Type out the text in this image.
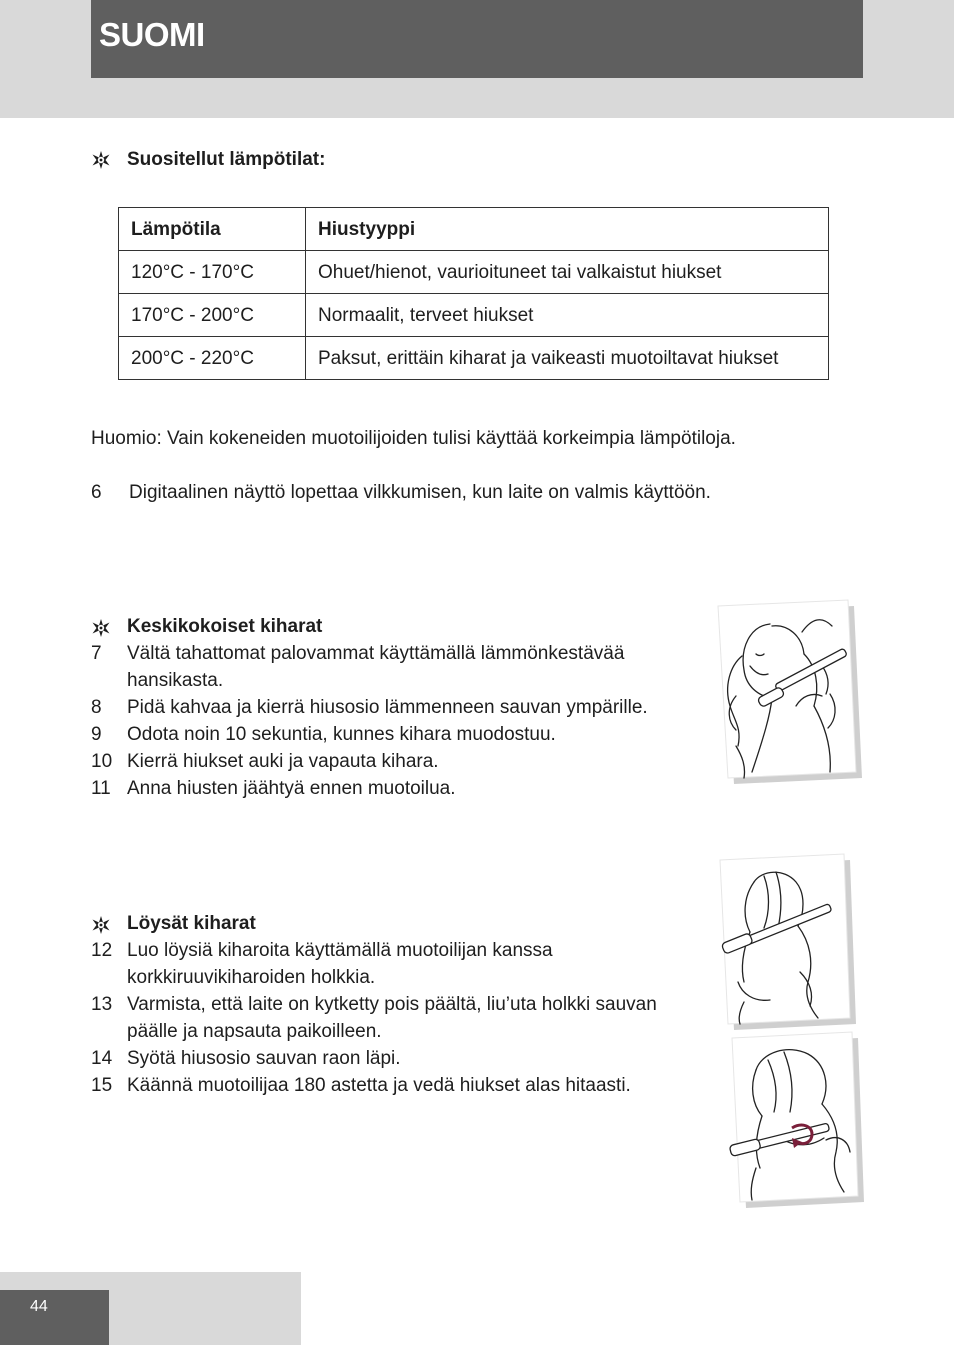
SUOMI
Suositellut lämpötilat:
Lämpötila	Hiustyyppi
120°C - 170°C	Ohuet/hienot, vaurioituneet tai valkaistut hiukset
170°C - 200°C	Normaalit, terveet hiukset
200°C - 220°C	Paksut, erittäin kiharat ja vaikeasti muotoiltavat hiukset
Huomio: Vain kokeneiden muotoilijoiden tulisi käyttää korkeimpia lämpötiloja.
6 Digitaalinen näyttö lopettaa vilkkumisen, kun laite on valmis käyttöön.
Keskikokoiset kiharat
7 Vältä tahattomat palovammat käyttämällä lämmönkestävää hansikasta.
8 Pidä kahvaa ja kierrä hiusosio lämmenneen sauvan ympärille.
9 Odota noin 10 sekuntia, kunnes kihara muodostuu.
10 Kierrä hiukset auki ja vapauta kihara.
11 Anna hiusten jäähtyä ennen muotoilua.
Löysät kiharat
12 Luo löysiä kiharoita käyttämällä muotoilijan kanssa korkkiruuvikiharoiden holkkia.
13 Varmista, että laite on kytketty pois päältä, liu’uta holkki sauvan päälle ja napsauta paikoilleen.
14 Syötä hiusosio sauvan raon läpi.
15 Käännä muotoilijaa 180 astetta ja vedä hiukset alas hitaasti.
44
